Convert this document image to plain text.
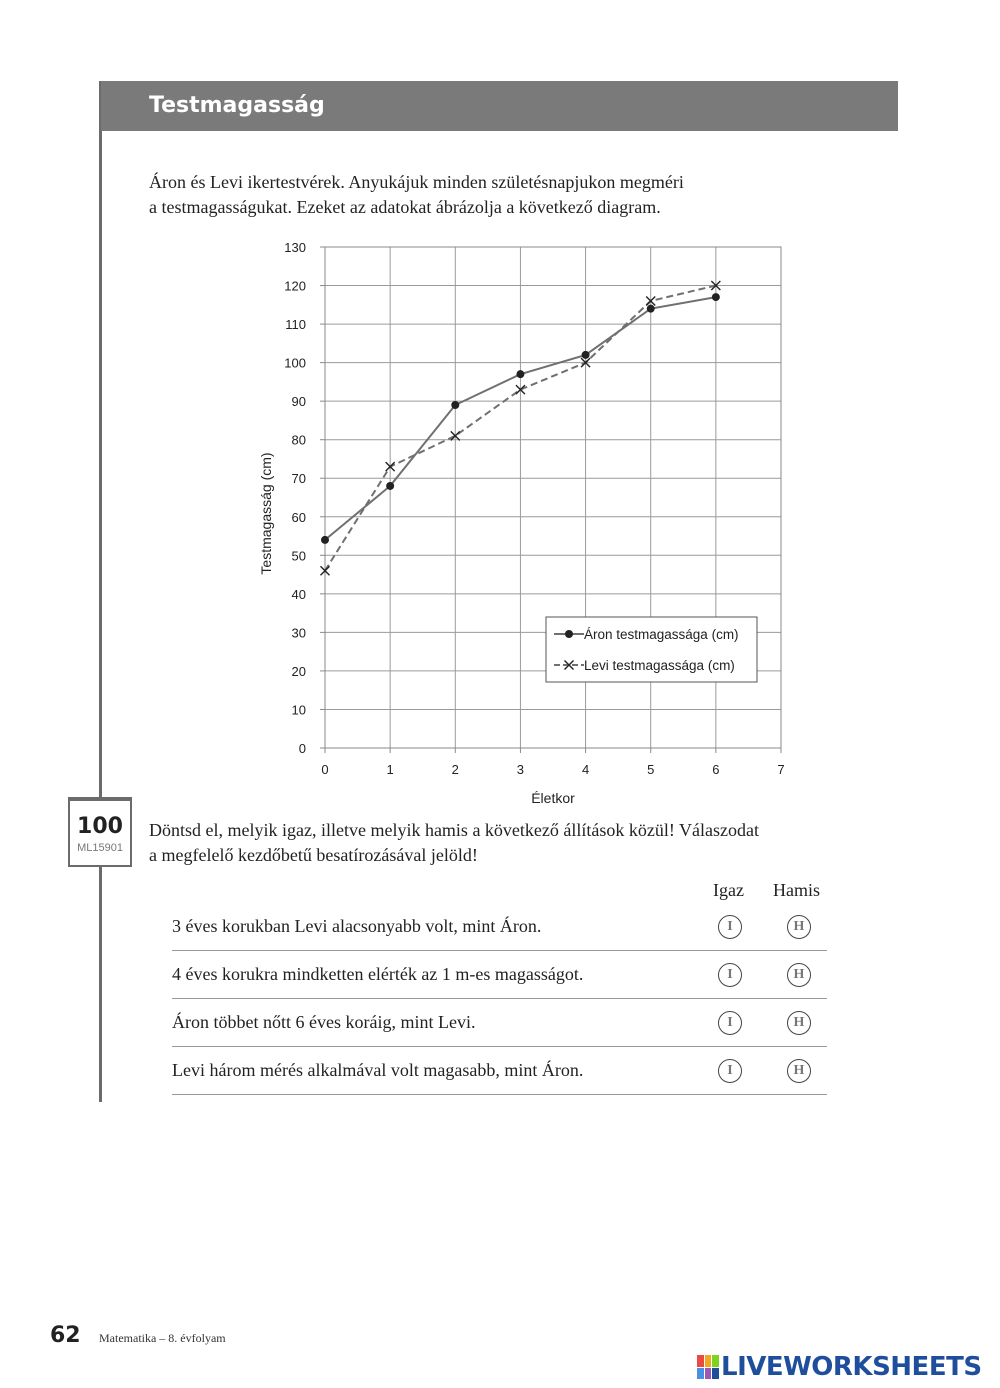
Testmagasság
Áron és Levi ikertestvérek. Anyukájuk minden születésnapjukon megméri
a testmagasságukat. Ezeket az adatokat ábrázolja a következő diagram.
0
10
20
30
40
50
60
70
80
90
100
110
120
130
0	1	2	3	4	5	6	7
Életkor
Testmagasság (cm)
Áron testmagassága (cm)
Levi testmagassága (cm)
100
ML15901
Döntsd el, melyik igaz, illetve melyik hamis a következő állítások közül! Válaszodat
a megfelelő kezdőbetű besatírozásával jelöld!
Igaz Hamis
3 éves korukban Levi alacsonyabb volt, mint Áron.	I	H
4 éves korukra mindketten elérték az 1 m-es magasságot.	I	H
Áron többet nőtt 6 éves koráig, mint Levi.	I	H
Levi három mérés alkalmával volt magasabb, mint Áron.	I	H
62 Matematika – 8. évfolyam
LIVEWORKSHEETS
